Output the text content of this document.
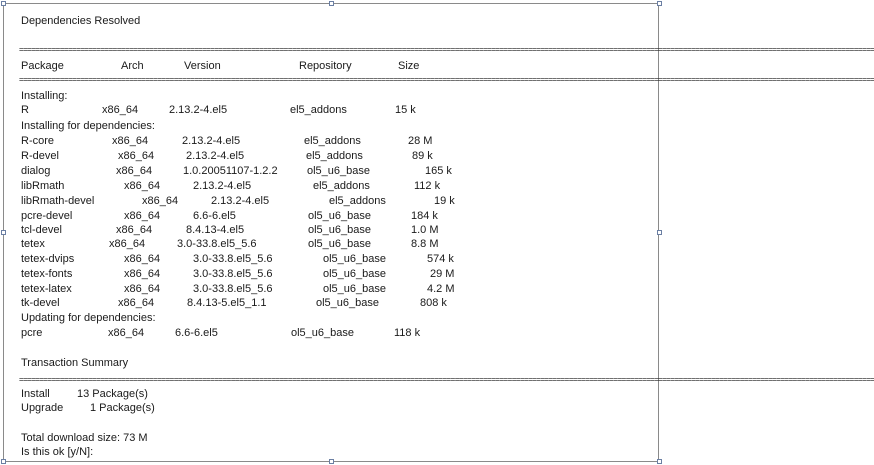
Dependencies Resolved
==================================================================================================================================================================================================================
Package	Arch	Version	Repository	Size
==================================================================================================================================================================================================================
Installing:
R	x86_64	2.13.2-4.el5	el5_addons	15 k
Installing for dependencies:
R-core	x86_64	2.13.2-4.el5	el5_addons	28 M
R-devel	x86_64	2.13.2-4.el5	el5_addons	89 k
dialog	x86_64	1.0.20051107-1.2.2	ol5_u6_base	165 k
libRmath	x86_64	2.13.2-4.el5	el5_addons	112 k
libRmath-devel	x86_64	2.13.2-4.el5	el5_addons	19 k
pcre-devel	x86_64	6.6-6.el5	ol5_u6_base	184 k
tcl-devel	x86_64	8.4.13-4.el5	ol5_u6_base	1.0 M
tetex	x86_64	3.0-33.8.el5_5.6	ol5_u6_base	8.8 M
tetex-dvips	x86_64	3.0-33.8.el5_5.6	ol5_u6_base	574 k
tetex-fonts	x86_64	3.0-33.8.el5_5.6	ol5_u6_base	29 M
tetex-latex	x86_64	3.0-33.8.el5_5.6	ol5_u6_base	4.2 M
tk-devel	x86_64	8.4.13-5.el5_1.1	ol5_u6_base	808 k
Updating for dependencies:
pcre	x86_64	6.6-6.el5	ol5_u6_base	118 k
Transaction Summary
==================================================================================================================================================================================================================
Install 13 Package(s)
Upgrade 1 Package(s)
Total download size: 73 M
Is this ok [y/N]:
